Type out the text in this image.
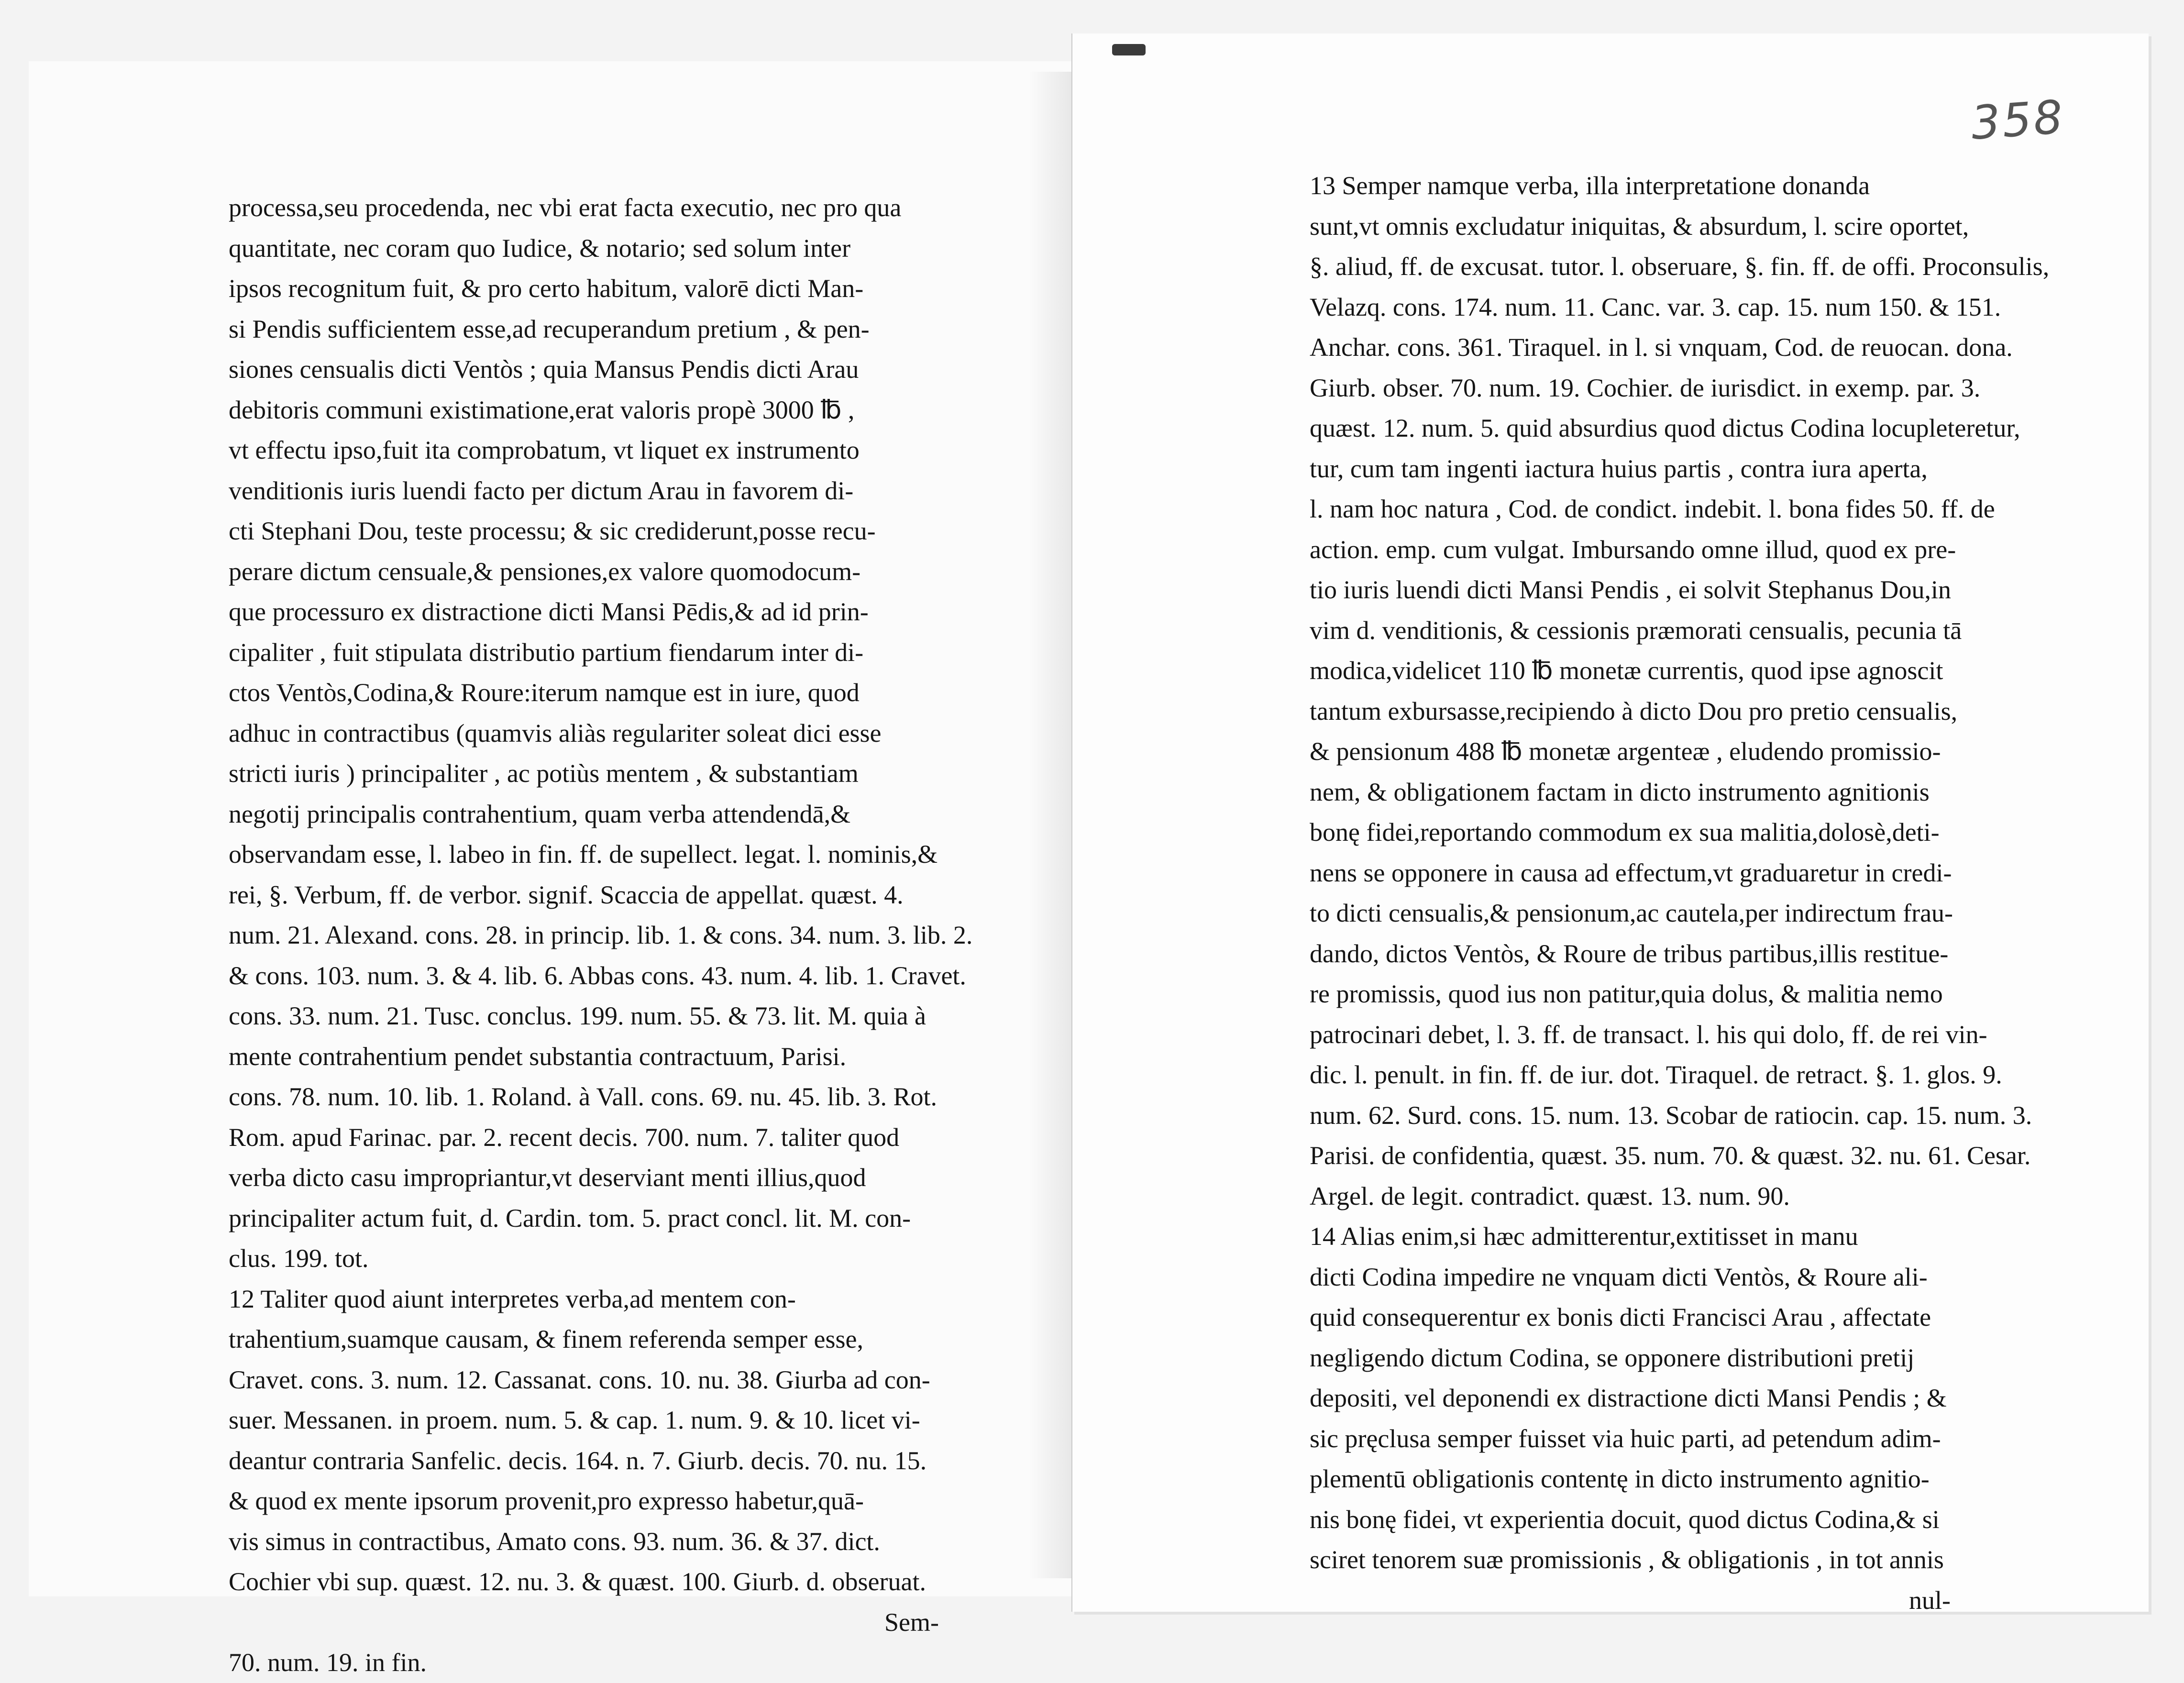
358
processa,seu procedenda, nec vbi erat facta executio, nec pro qua
quantitate, nec coram quo Iudice, & notario; sed solum inter
ipsos recognitum fuit, & pro certo habitum, valorē dicti Man-
si Pendis sufficientem esse,ad recuperandum pretium , & pen-
siones censualis dicti Ventòs ; quia Mansus Pendis dicti Arau
debitoris communi existimatione,erat valoris propè 3000 ℔ ,
vt effectu ipso,fuit ita comprobatum, vt liquet ex instrumento
venditionis iuris luendi facto per dictum Arau in favorem di-
cti Stephani Dou, teste processu; & sic crediderunt,posse recu-
perare dictum censuale,& pensiones,ex valore quomodocum-
que processuro ex distractione dicti Mansi Pēdis,& ad id prin-
cipaliter , fuit stipulata distributio partium fiendarum inter di-
ctos Ventòs,Codina,& Roure:iterum namque est in iure, quod
adhuc in contractibus (quamvis aliàs regulariter soleat dici esse
stricti iuris ) principaliter , ac potiùs mentem , & substantiam
negotij principalis contrahentium, quam verba attendendā,&
observandam esse, l. labeo in fin. ff. de supellect. legat. l. nominis,&
rei, §. Verbum, ff. de verbor. signif. Scaccia de appellat. quæst. 4.
num. 21. Alexand. cons. 28. in princip. lib. 1. & cons. 34. num. 3. lib. 2.
& cons. 103. num. 3. & 4. lib. 6. Abbas cons. 43. num. 4. lib. 1. Cravet.
cons. 33. num. 21. Tusc. conclus. 199. num. 55. & 73. lit. M. quia à
mente contrahentium pendet substantia contractuum, Parisi.
cons. 78. num. 10. lib. 1. Roland. à Vall. cons. 69. nu. 45. lib. 3. Rot.
Rom. apud Farinac. par. 2. recent decis. 700. num. 7. taliter quod
verba dicto casu impropriantur,vt deserviant menti illius,quod
principaliter actum fuit, d. Cardin. tom. 5. pract concl. lit. M. con-
clus. 199. tot.
12 Taliter quod aiunt interpretes verba,ad mentem con-
trahentium,suamque causam, & finem referenda semper esse,
Cravet. cons. 3. num. 12. Cassanat. cons. 10. nu. 38. Giurba ad con-
suer. Messanen. in proem. num. 5. & cap. 1. num. 9. & 10. licet vi-
deantur contraria Sanfelic. decis. 164. n. 7. Giurb. decis. 70. nu. 15.
& quod ex mente ipsorum provenit,pro expresso habetur,quā-
vis simus in contractibus, Amato cons. 93. num. 36. & 37. dict.
Cochier vbi sup. quæst. 12. nu. 3. & quæst. 100. Giurb. d. obseruat.
Sem-
70. num. 19. in fin.
13 Semper namque verba, illa interpretatione donanda
sunt,vt omnis excludatur iniquitas, & absurdum, l. scire oportet,
§. aliud, ff. de excusat. tutor. l. obseruare, §. fin. ff. de offi. Proconsulis,
Velazq. cons. 174. num. 11. Canc. var. 3. cap. 15. num 150. & 151.
Anchar. cons. 361. Tiraquel. in l. si vnquam, Cod. de reuocan. dona.
Giurb. obser. 70. num. 19. Cochier. de iurisdict. in exemp. par. 3.
quæst. 12. num. 5. quid absurdius quod dictus Codina locupleteretur,
tur, cum tam ingenti iactura huius partis , contra iura aperta,
l. nam hoc natura , Cod. de condict. indebit. l. bona fides 50. ff. de
action. emp. cum vulgat. Imbursando omne illud, quod ex pre-
tio iuris luendi dicti Mansi Pendis , ei solvit Stephanus Dou,in
vim d. venditionis, & cessionis præmorati censualis, pecunia tā
modica,videlicet 110 ℔ monetæ currentis, quod ipse agnoscit
tantum exbursasse,recipiendo à dicto Dou pro pretio censualis,
& pensionum 488 ℔ monetæ argenteæ , eludendo promissio-
nem, & obligationem factam in dicto instrumento agnitionis
bonę fidei,reportando commodum ex sua malitia,dolosè,deti-
nens se opponere in causa ad effectum,vt graduaretur in credi-
to dicti censualis,& pensionum,ac cautela,per indirectum frau-
dando, dictos Ventòs, & Roure de tribus partibus,illis restitue-
re promissis, quod ius non patitur,quia dolus, & malitia nemo
patrocinari debet, l. 3. ff. de transact. l. his qui dolo, ff. de rei vin-
dic. l. penult. in fin. ff. de iur. dot. Tiraquel. de retract. §. 1. glos. 9.
num. 62. Surd. cons. 15. num. 13. Scobar de ratiocin. cap. 15. num. 3.
Parisi. de confidentia, quæst. 35. num. 70. & quæst. 32. nu. 61. Cesar.
Argel. de legit. contradict. quæst. 13. num. 90.
14 Alias enim,si hæc admitterentur,extitisset in manu
dicti Codina impedire ne vnquam dicti Ventòs, & Roure ali-
quid consequerentur ex bonis dicti Francisci Arau , affectate
negligendo dictum Codina, se opponere distributioni pretij
depositi, vel deponendi ex distractione dicti Mansi Pendis ; &
sic pręclusa semper fuisset via huic parti, ad petendum adim-
plementū obligationis contentę in dicto instrumento agnitio-
nis bonę fidei, vt experientia docuit, quod dictus Codina,& si
sciret tenorem suæ promissionis , & obligationis , in tot annis
nul-
